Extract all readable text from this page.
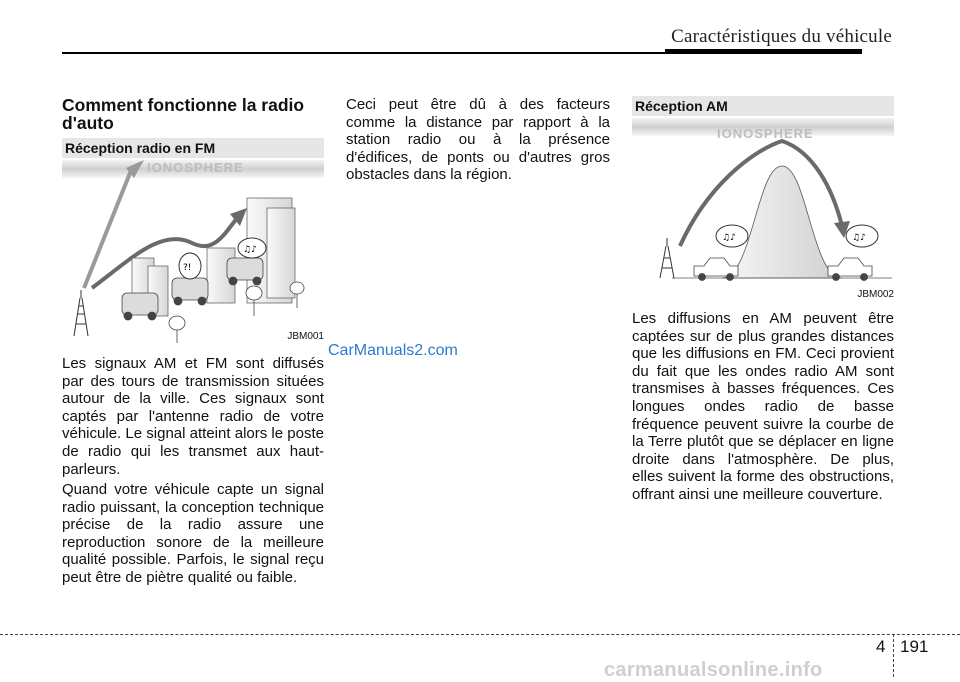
Caractéristiques du véhicule
Comment fonctionne la radio d'auto
?!
♫♪
Réception radio en FM
IONOSPHERE
JBM001
♫♪	♫♪
Réception AM
IONOSPHERE
JBM002
Les signaux AM et FM sont diffusés par des tours de transmission situées autour de la ville. Ces signaux sont captés par l'antenne radio de votre véhicule. Le signal atteint alors le poste de radio qui les transmet aux haut-parleurs.
Quand votre véhicule capte un signal radio puissant, la conception technique précise de la radio assure une reproduction sonore de la meilleure qualité possible. Parfois, le signal reçu peut être de piètre qualité ou faible.
Ceci peut être dû à des facteurs comme la distance par rapport à la station radio ou à la présence d'édifices, de ponts ou d'autres gros obstacles dans la région.
Les diffusions en AM peuvent être captées sur de plus grandes distances que les diffusions en FM. Ceci provient du fait que les ondes radio AM sont transmises à basses fréquences. Ces longues ondes radio de basse fréquence peuvent suivre la courbe de la Terre plutôt que se déplacer en ligne droite dans l'atmosphère. De plus, elles suivent la forme des obstructions, offrant ainsi une meilleure couverture.
CarManuals2.com
4 191
carmanualsonline.info
